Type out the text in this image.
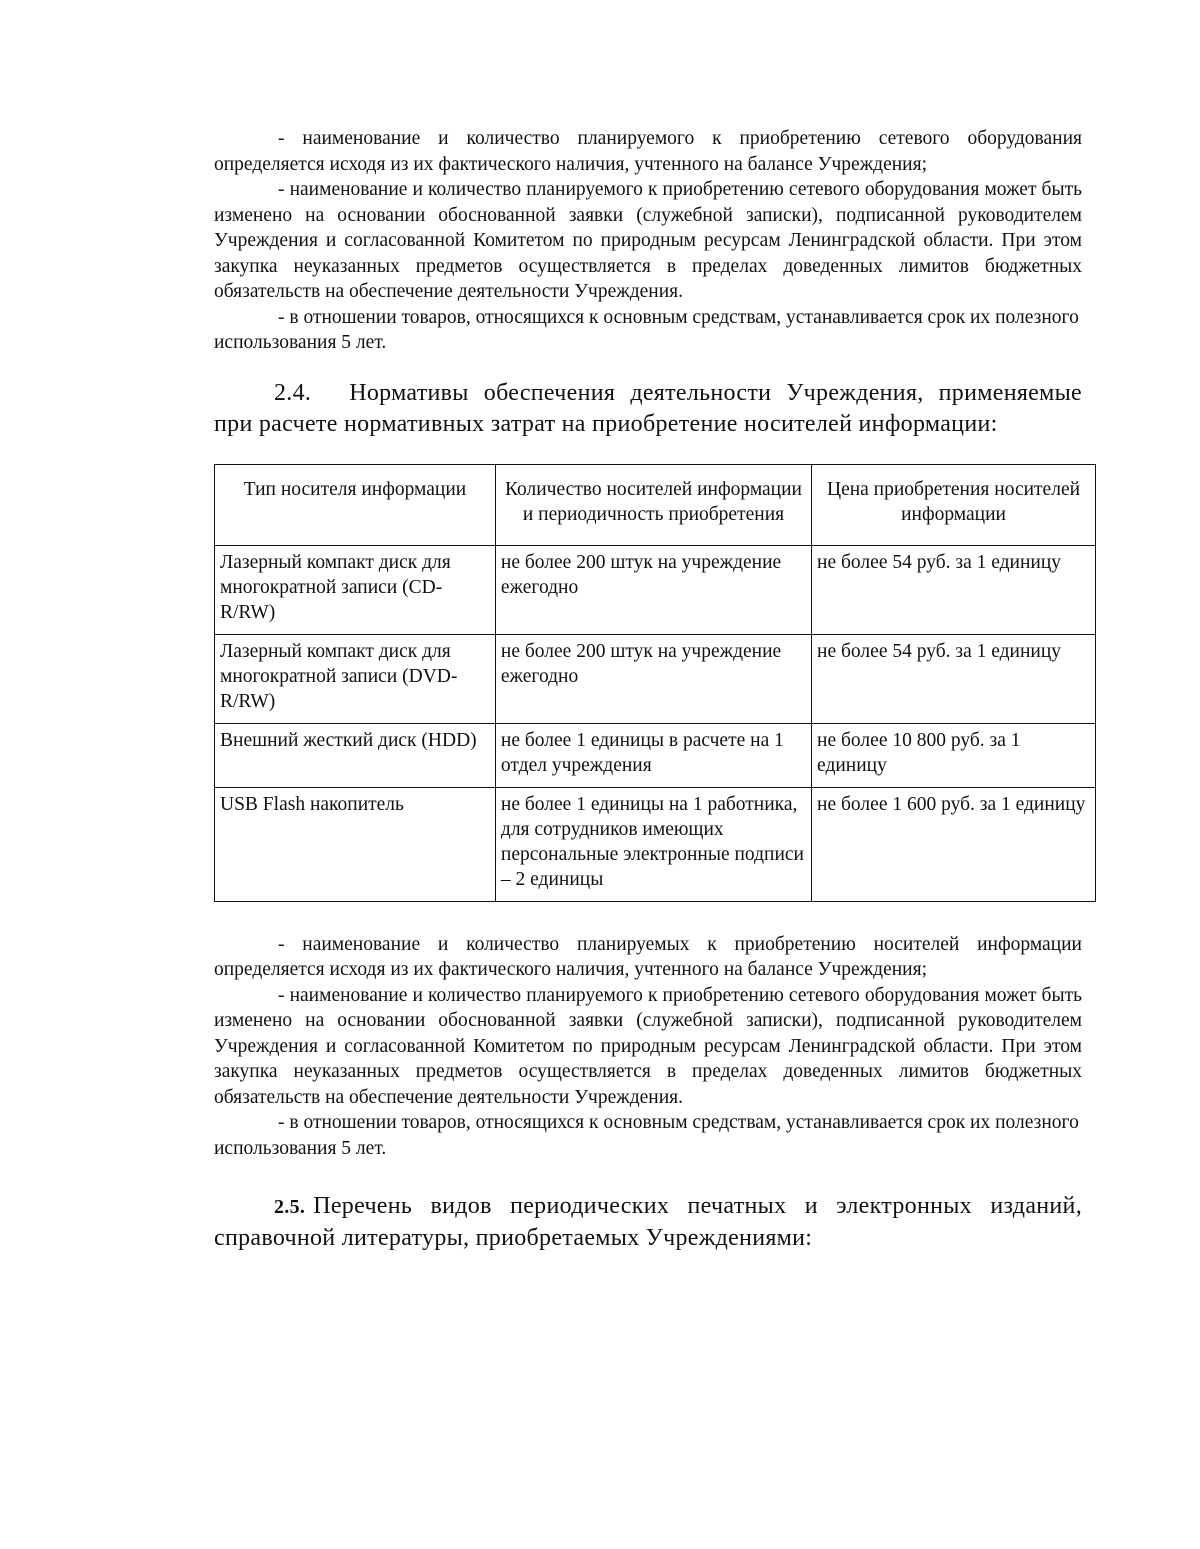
- наименование и количество планируемого к приобретению сетевого оборудования определяется исходя из их фактического наличия, учтенного на балансе Учреждения;

- наименование и количество планируемого к приобретению сетевого оборудования может быть изменено на основании обоснованной заявки (служебной записки), подписанной руководителем Учреждения и согласованной Комитетом по природным ресурсам Ленинградской области. При этом закупка неуказанных предметов осуществляется в пределах доведенных лимитов бюджетных обязательств на обеспечение деятельности Учреждения.

- в отношении товаров, относящихся к основным средствам, устанавливается срок их полезного использования 5 лет.

2.4. Нормативы обеспечения деятельности Учреждения, применяемые при расчете нормативных затрат на приобретение носителей информации:

Тип носителя информации	Количество носителей информации и периодичность приобретения	Цена приобретения носителей информации
Лазерный компакт диск для многократной записи (CD-R/RW)	не более 200 штук на учреждение ежегодно	не более 54 руб. за 1 единицу
Лазерный компакт диск для многократной записи (DVD-R/RW)	не более 200 штук на учреждение ежегодно	не более 54 руб. за 1 единицу
Внешний жесткий диск (HDD)	не более 1 единицы в расчете на 1 отдел учреждения	не более 10 800 руб. за 1 единицу
USB Flash накопитель	не более 1 единицы на 1 работника, для сотрудников имеющих персональные электронные подписи – 2 единицы	не более 1 600 руб. за 1 единицу

- наименование и количество планируемых к приобретению носителей информации определяется исходя из их фактического наличия, учтенного на балансе Учреждения;

- наименование и количество планируемого к приобретению сетевого оборудования может быть изменено на основании обоснованной заявки (служебной записки), подписанной руководителем Учреждения и согласованной Комитетом по природным ресурсам Ленинградской области. При этом закупка неуказанных предметов осуществляется в пределах доведенных лимитов бюджетных обязательств на обеспечение деятельности Учреждения.

- в отношении товаров, относящихся к основным средствам, устанавливается срок их полезного использования 5 лет.

2.5. Перечень видов периодических печатных и электронных изданий, справочной литературы, приобретаемых Учреждениями:
